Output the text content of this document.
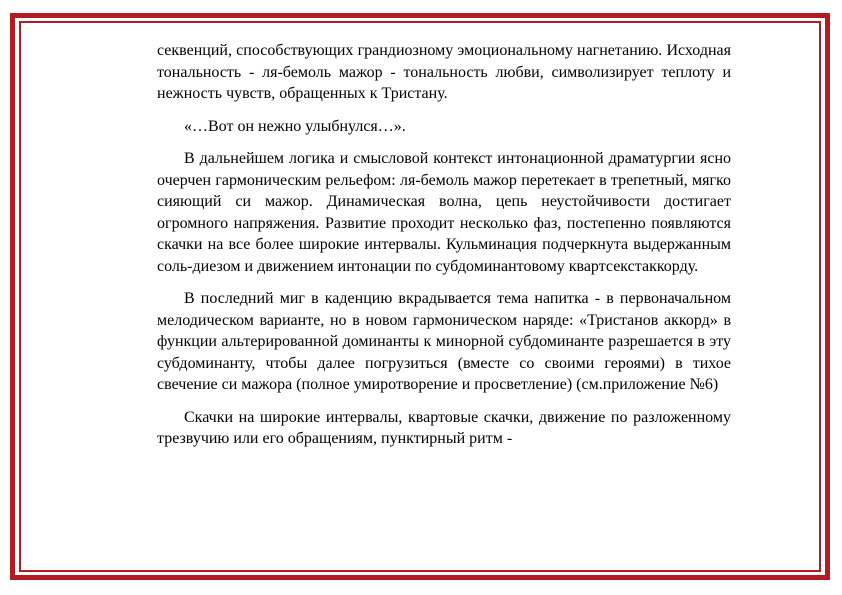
секвенций, способствующих грандиозному эмоциональному нагнетанию. Исходная тональность - ля-бемоль мажор - тональность любви, символизирует теплоту и нежность чувств, обращенных к Тристану.

«…Вот он нежно улыбнулся…».

В дальнейшем логика и смысловой контекст интонационной драматургии ясно очерчен гармоническим рельефом: ля-бемоль мажор перетекает в трепетный, мягко сияющий си мажор. Динамическая волна, цепь неустойчивости достигает огромного напряжения. Развитие проходит несколько фаз, постепенно появляются скачки на все более широкие интервалы. Кульминация подчеркнута выдержанным соль-диезом и движением интонации по субдоминантовому квартсекстаккорду.

В последний миг в каденцию вкрадывается тема напитка - в первоначальном мелодическом варианте, но в новом гармоническом наряде: «Тристанов аккорд» в функции альтерированной доминанты к минорной субдоминанте разрешается в эту субдоминанту, чтобы далее погрузиться (вместе со своими героями) в тихое свечение си мажора (полное умиротворение и просветление) (см.приложение №6)

Скачки на широкие интервалы, квартовые скачки, движение по разложенному трезвучию или его обращениям, пунктирный ритм -
